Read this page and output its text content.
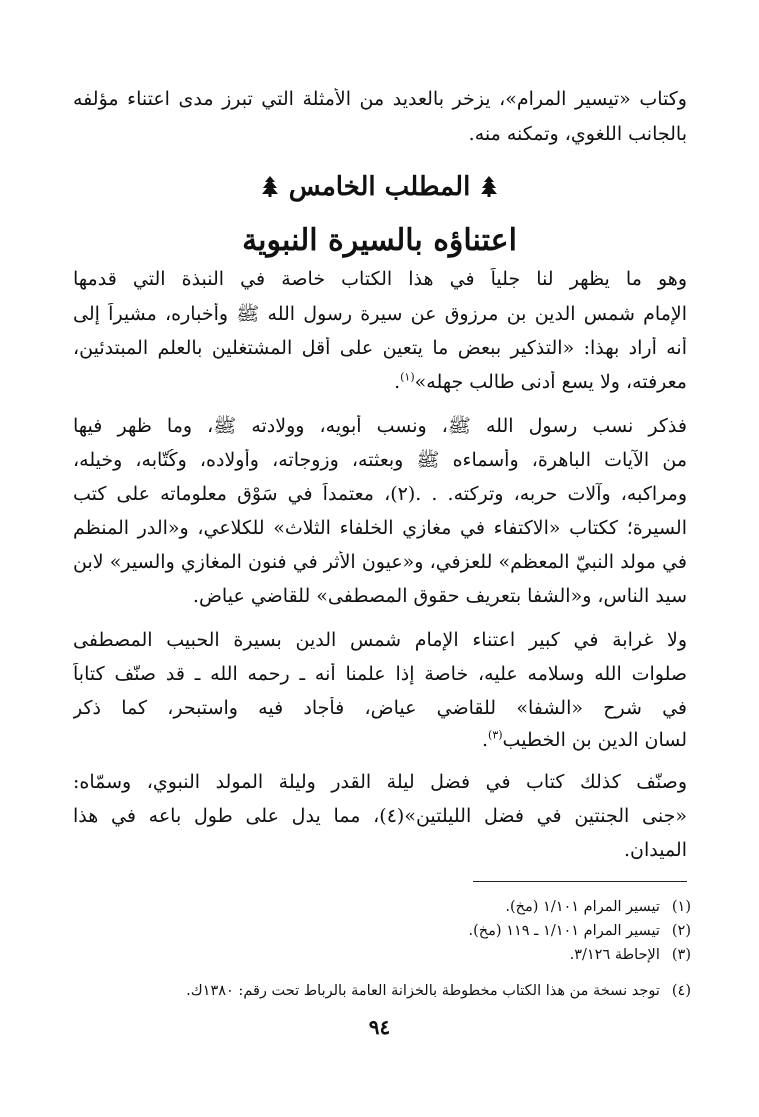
وكتاب «تيسير المرام»، يزخر بالعديد من الأمثلة التي تبرز مدى اعتناء مؤلفه
بالجانب اللغوي، وتمكنه منه.
المطلب الخامس
اعتناؤه بالسيرة النبوية
وهو ما يظهر لنا جلياً في هذا الكتاب خاصة في النبذة التي قدمها
الإمام شمس الدين بن مرزوق عن سيرة رسول الله ﷺ وأخباره، مشيراً إلى
أنه أراد بهذا: «التذكير ببعض ما يتعين على أقل المشتغلين بالعلم المبتدئين،
معرفته، ولا يسع أدنى طالب جهله»$^{(١)}$.
فذكر نسب رسول الله ﷺ، ونسب أبويه، وولادته ﷺ، وما ظهر فيها
من الآيات الباهرة، وأسماءه ﷺ وبعثته، وزوجاته، وأولاده، وكُتّابه، وخيله،
ومراكبه، وآلات حربه، وتركته. . .(٢)، معتمداً في سَوْقِ معلوماته على كتب
السيرة؛ ككتاب «الاكتفاء في مغازي الخلفاء الثلاث» للكلاعي، و«الدر المنظم
في مولد النبيّ المعظم» للعزفي، و«عيون الأثر في فنون المغازي والسير» لابن
سيد الناس، و«الشفا بتعريف حقوق المصطفى» للقاضي عياض.
ولا غرابة في كبير اعتناء الإمام شمس الدين بسيرة الحبيب المصطفى
صلوات الله وسلامه عليه، خاصة إذا علمنا أنه ـ رحمه الله ـ قد صنّف كتاباً
في شرح «الشفا» للقاضي عياض، فأجاد فيه واستبحر، كما ذكر
لسان الدين بن الخطيب$^{(٣)}$.
وصنّف كذلك كتاب في فضل ليلة القدر وليلة المولد النبوي، وسمّاه:
«جنى الجنتين في فضل الليلتين»(٤)، مما يدل على طول باعه في هذا
الميدان.
(١)تيسير المرام ١/١٠١ (مخ).
(٢)تيسير المرام ١/١٠١ ـ ١١٩ (مخ).
(٣)الإحاطة ٣/١٢٦.
(٤)توجد نسخة من هذا الكتاب مخطوطة بالخزانة العامة بالرباط تحت رقم: ١٣٨٠ك.
٩٤
